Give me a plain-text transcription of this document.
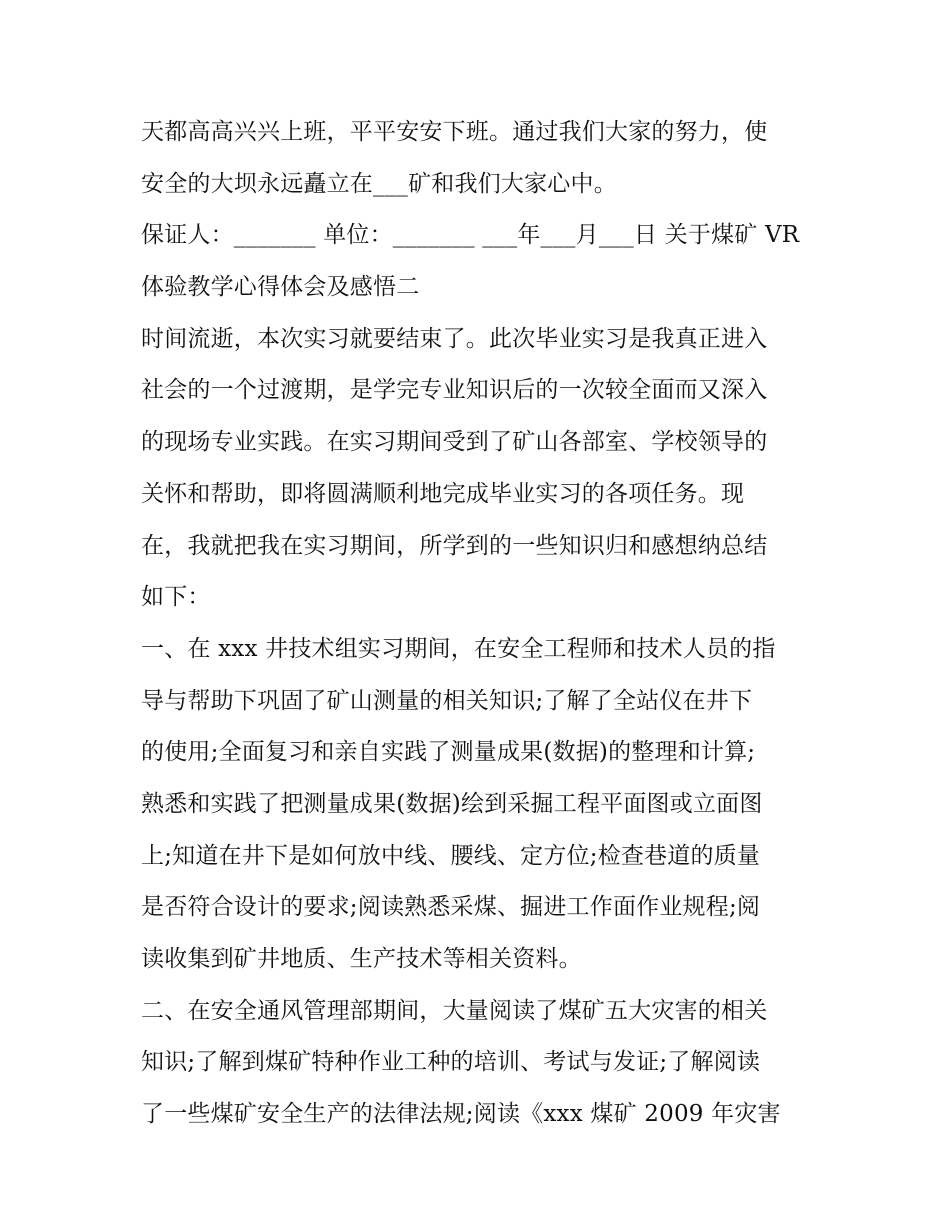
天都高高兴兴上班，平平安安下班。通过我们大家的努力，使
安全的大坝永远矗立在___矿和我们大家心中。
保证人：_______ 单位：_______ ___年___月___日 关于煤矿 VR
体验教学心得体会及感悟二
时间流逝，本次实习就要结束了。此次毕业实习是我真正进入
社会的一个过渡期，是学完专业知识后的一次较全面而又深入
的现场专业实践。在实习期间受到了矿山各部室、学校领导的
关怀和帮助，即将圆满顺利地完成毕业实习的各项任务。现
在，我就把我在实习期间，所学到的一些知识归和感想纳总结
如下：
一、在 xxx 井技术组实习期间，在安全工程师和技术人员的指
导与帮助下巩固了矿山测量的相关知识;了解了全站仪在井下
的使用;全面复习和亲自实践了测量成果(数据)的整理和计算;
熟悉和实践了把测量成果(数据)绘到采掘工程平面图或立面图
上;知道在井下是如何放中线、腰线、定方位;检查巷道的质量
是否符合设计的要求;阅读熟悉采煤、掘进工作面作业规程;阅
读收集到矿井地质、生产技术等相关资料。
二、在安全通风管理部期间，大量阅读了煤矿五大灾害的相关
知识;了解到煤矿特种作业工种的培训、考试与发证;了解阅读
了一些煤矿安全生产的法律法规;阅读《xxx 煤矿 2009 年灾害
